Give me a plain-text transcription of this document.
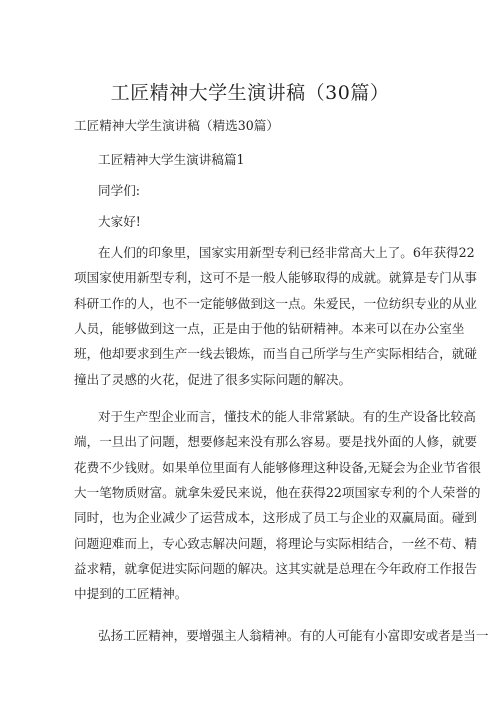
工匠精神大学生演讲稿（30篇）
工匠精神大学生演讲稿（精选30篇）
工匠精神大学生演讲稿篇1
同学们:
大家好!
在人们的印象里，国家实用新型专利已经非常高大上了。6年获得22
项国家使用新型专利，这可不是一般人能够取得的成就。就算是专门从事
科研工作的人，也不一定能够做到这一点。朱爱民，一位纺织专业的从业
人员，能够做到这一点，正是由于他的钻研精神。本来可以在办公室坐
班，他却要求到生产一线去锻炼，而当自己所学与生产实际相结合，就碰
撞出了灵感的火花，促进了很多实际问题的解决。
对于生产型企业而言，懂技术的能人非常紧缺。有的生产设备比较高
端，一旦出了问题，想要修起来没有那么容易。要是找外面的人修，就要
花费不少钱财。如果单位里面有人能够修理这种设备,无疑会为企业节省很
大一笔物质财富。就拿朱爱民来说，他在获得22项国家专利的个人荣誉的
同时，也为企业减少了运营成本，这形成了员工与企业的双赢局面。碰到
问题迎难而上，专心致志解决问题，将理论与实际相结合，一丝不苟、精
益求精，就拿促进实际问题的解决。这其实就是总理在今年政府工作报告
中提到的工匠精神。
弘扬工匠精神，要增强主人翁精神。有的人可能有小富即安或者是当一
